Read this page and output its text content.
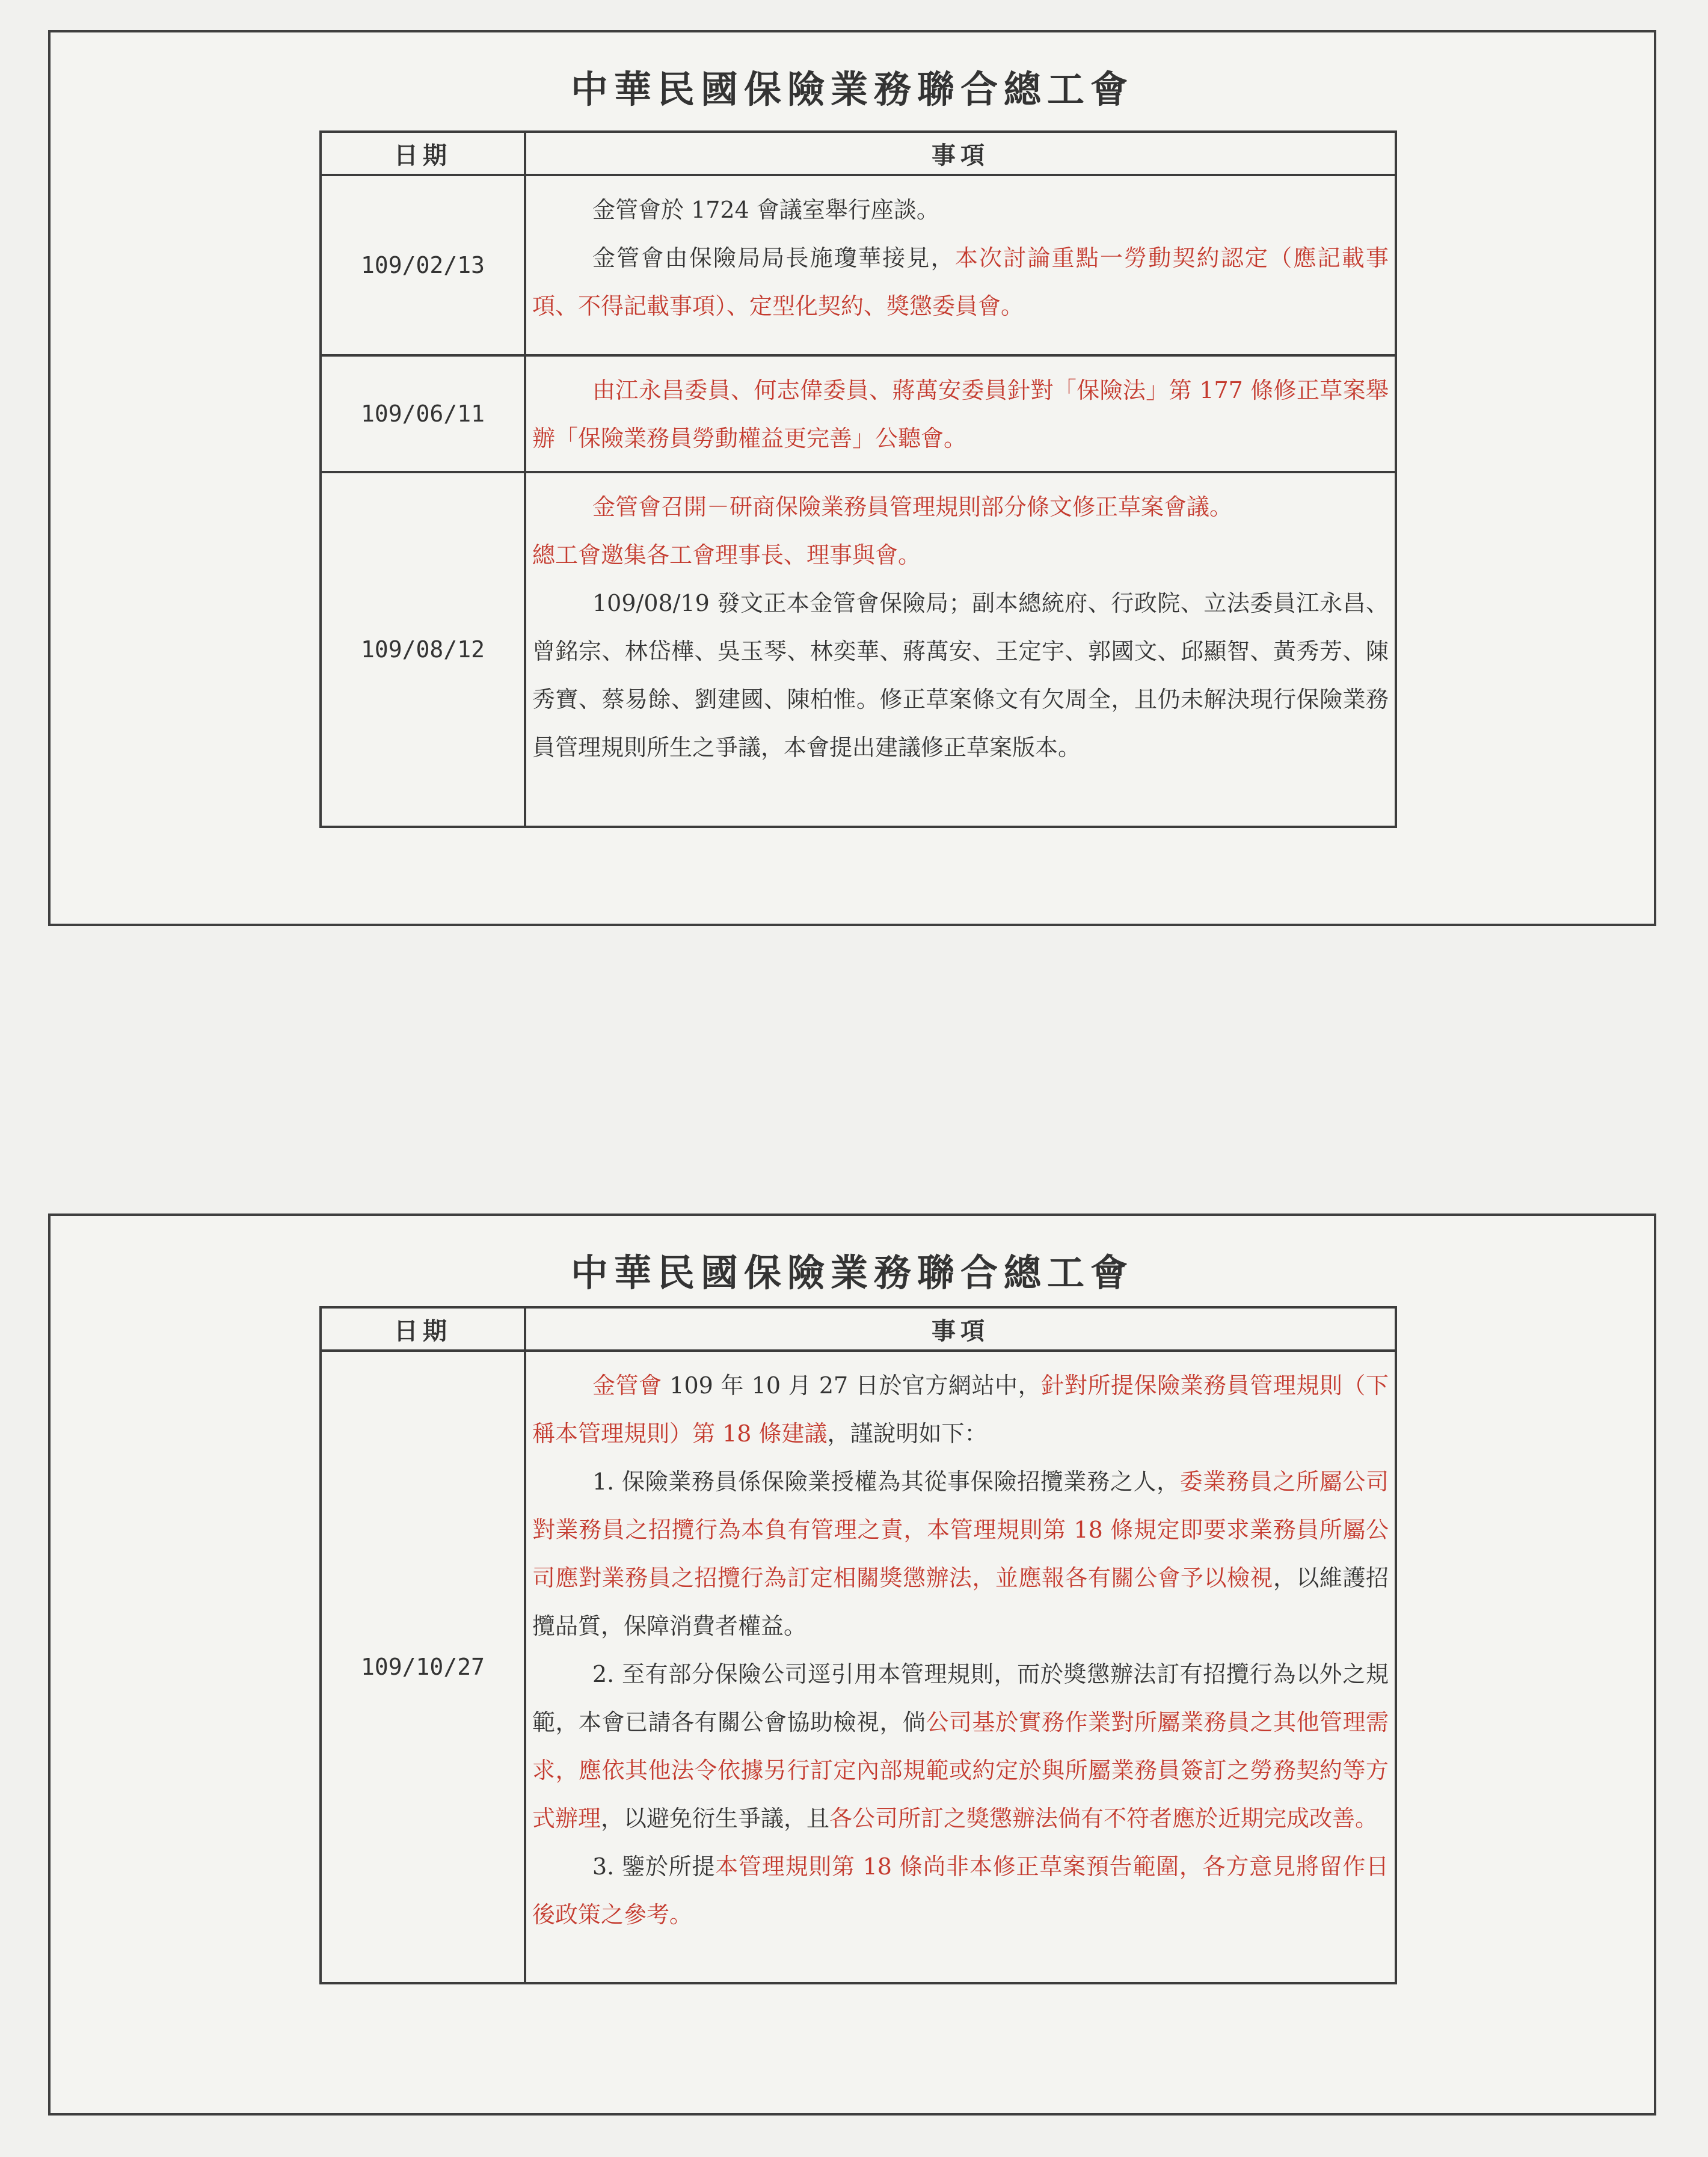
中華民國保險業務聯合總工會
日期	事項
109/02/13	金管會於 1724 會議室舉行座談。

金管會由保險局局長施瓊華接見，本次討論重點一勞動契約認定（應記載事項、不得記載事項）、定型化契約、獎懲委員會。

109/06/11	由江永昌委員、何志偉委員、蔣萬安委員針對「保險法」第 177 條修正草案舉辦「保險業務員勞動權益更完善」公聽會。

109/08/12	金管會召開－研商保險業務員管理規則部分條文修正草案會議。

總工會邀集各工會理事長、理事與會。

109/08/19 發文正本金管會保險局；副本總統府、行政院、立法委員江永昌、曾銘宗、林岱樺、吳玉琴、林奕華、蔣萬安、王定宇、郭國文、邱顯智、黃秀芳、陳秀寶、蔡易餘、劉建國、陳柏惟。修正草案條文有欠周全，且仍未解決現行保險業務員管理規則所生之爭議，本會提出建議修正草案版本。

中華民國保險業務聯合總工會
日期	事項
109/10/27	金管會 109 年 10 月 27 日於官方網站中，針對所提保險業務員管理規則（下稱本管理規則）第 18 條建議，謹說明如下：

1. 保險業務員係保險業授權為其從事保險招攬業務之人，委業務員之所屬公司對業務員之招攬行為本負有管理之責，本管理規則第 18 條規定即要求業務員所屬公司應對業務員之招攬行為訂定相關獎懲辦法，並應報各有關公會予以檢視，以維護招攬品質，保障消費者權益。

2. 至有部分保險公司逕引用本管理規則，而於獎懲辦法訂有招攬行為以外之規範，本會已請各有關公會協助檢視，倘公司基於實務作業對所屬業務員之其他管理需求，應依其他法令依據另行訂定內部規範或約定於與所屬業務員簽訂之勞務契約等方式辦理，以避免衍生爭議，且各公司所訂之獎懲辦法倘有不符者應於近期完成改善。

3. 鑒於所提本管理規則第 18 條尚非本修正草案預告範圍，各方意見將留作日後政策之參考。
